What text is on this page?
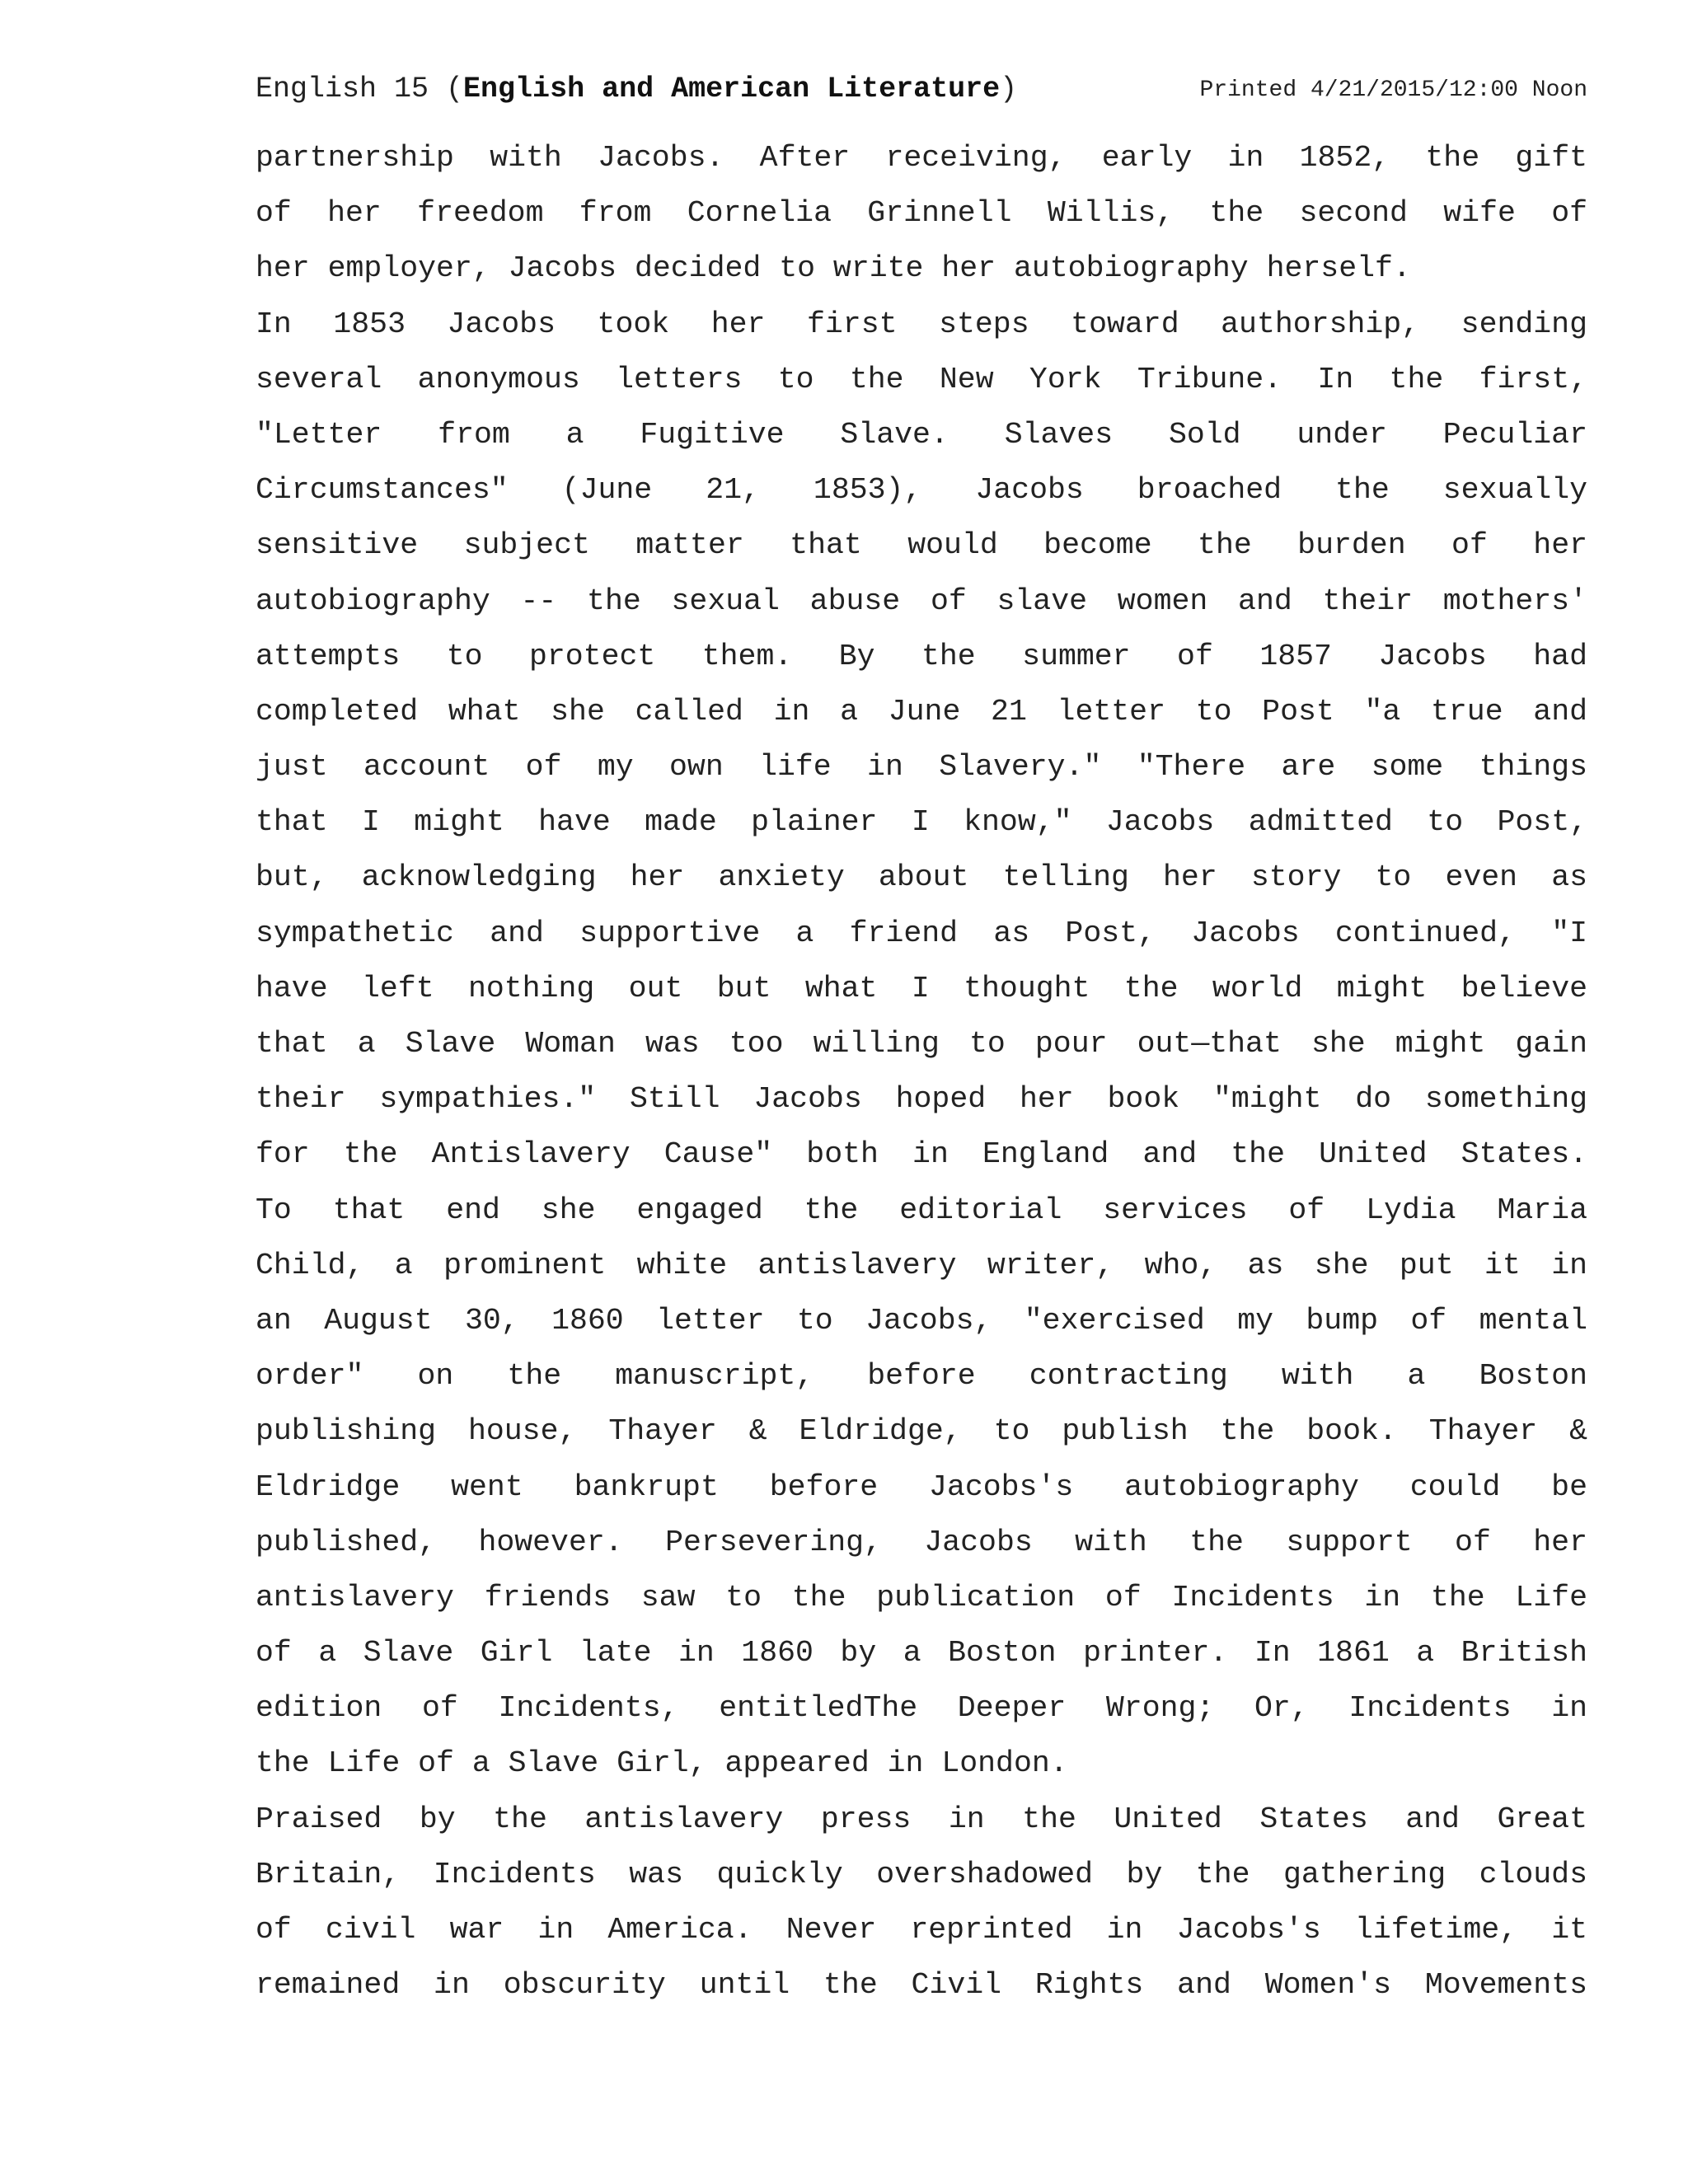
English 15 (English and American Literature)	Printed 4/21/2015/12:00 Noon
partnership with Jacobs. After receiving, early in 1852, the gift
of her freedom from Cornelia Grinnell Willis, the second wife of
her employer, Jacobs decided to write her autobiography herself.
In 1853 Jacobs took her first steps toward authorship, sending
several anonymous letters to the New York Tribune. In the first,
"Letter from a Fugitive Slave. Slaves Sold under Peculiar
Circumstances" (June 21, 1853), Jacobs broached the sexually
sensitive subject matter that would become the burden of her
autobiography -- the sexual abuse of slave women and their mothers'
attempts to protect them. By the summer of 1857 Jacobs had
completed what she called in a June 21 letter to Post "a true and
just account of my own life in Slavery." "There are some things
that I might have made plainer I know," Jacobs admitted to Post,
but, acknowledging her anxiety about telling her story to even as
sympathetic and supportive a friend as Post, Jacobs continued, "I
have left nothing out but what I thought the world might believe
that a Slave Woman was too willing to pour out—that she might gain
their sympathies." Still Jacobs hoped her book "might do something
for the Antislavery Cause" both in England and the United States.
To that end she engaged the editorial services of Lydia Maria
Child, a prominent white antislavery writer, who, as she put it in
an August 30, 1860 letter to Jacobs, "exercised my bump of mental
order" on the manuscript, before contracting with a Boston
publishing house, Thayer & Eldridge, to publish the book. Thayer &
Eldridge went bankrupt before Jacobs's autobiography could be
published, however. Persevering, Jacobs with the support of her
antislavery friends saw to the publication of Incidents in the Life
of a Slave Girl late in 1860 by a Boston printer. In 1861 a British
edition of Incidents, entitledThe Deeper Wrong; Or, Incidents in
the Life of a Slave Girl, appeared in London.
Praised by the antislavery press in the United States and Great
Britain, Incidents was quickly overshadowed by the gathering clouds
of civil war in America. Never reprinted in Jacobs's lifetime, it
remained in obscurity until the Civil Rights and Women's Movements
